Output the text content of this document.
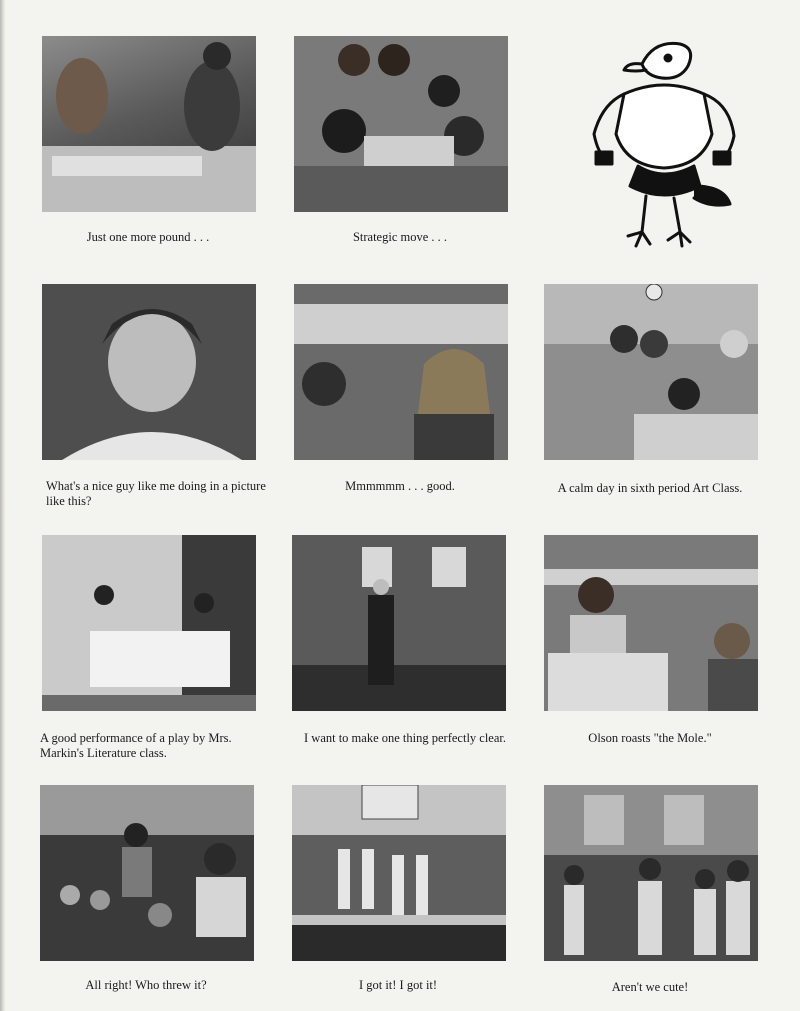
Just one more pound . . .	Strategic move . . .
What's a nice guy like me doing in a picture like this?
Mmmmmm . . . good.	A calm day in sixth period Art Class.
A good performance of a play by Mrs. Markin's Literature class.
I want to make one thing perfectly clear.	Olson roasts "the Mole."
All right! Who threw it?	I got it! I got it!	Aren't we cute!
